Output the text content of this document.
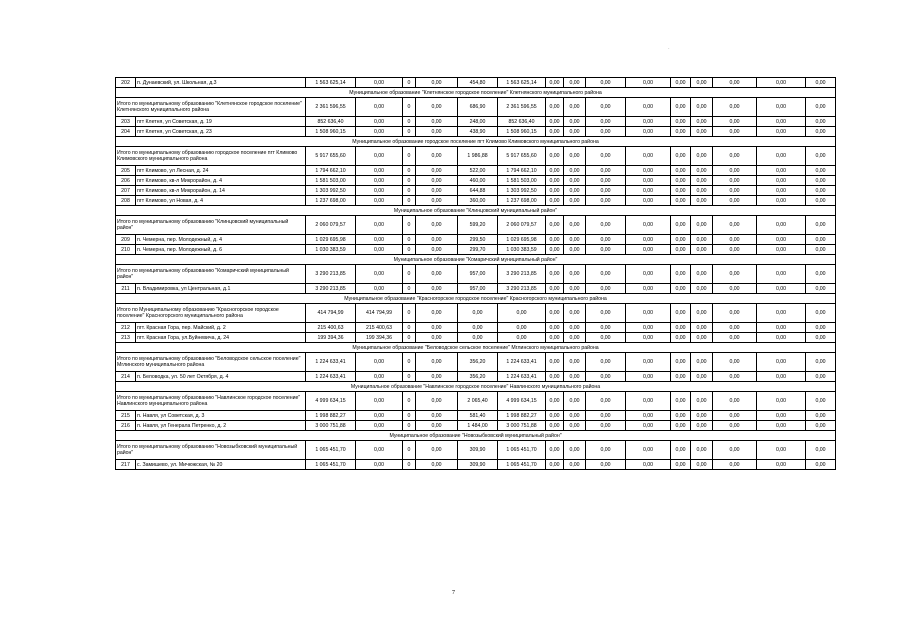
·
202	п. Дунаевский, ул. Школьная, д.3	1 563 625,14	0,00	0	0,00	454,80	1 563 625,14	0,00	0,00	0,00	0,00	0,00	0,00	0,00	0,00	0,00
Муниципальное образование "Клетнянское городское поселение" Клетнянского муниципального района																
Итого по муниципальному образованию "Клетнянское городское поселение" Клетнянского муниципального района		2 361 596,55	0,00	0	0,00	686,90	2 361 596,55	0,00	0,00	0,00	0,00	0,00	0,00	0,00	0,00	0,00
203	пгт Клетня, ул Советская, д. 19	852 636,40	0,00	0	0,00	248,00	852 636,40	0,00	0,00	0,00	0,00	0,00	0,00	0,00	0,00	0,00
204	пгт Клетня, ул Советская, д. 23	1 508 960,15	0,00	0	0,00	438,90	1 508 960,15	0,00	0,00	0,00	0,00	0,00	0,00	0,00	0,00	0,00
Муниципальное образование городское поселение пгт Климово Климовского муниципального района																
Итого по муниципальному образованию городское поселение пгт Климово Климовского муниципального района		5 917 655,60	0,00	0	0,00	1 986,88	5 917 655,60	0,00	0,00	0,00	0,00	0,00	0,00	0,00	0,00	0,00
205	пгт Климово, ул Лесная, д. 24	1 794 662,10	0,00	0	0,00	522,00	1 794 662,10	0,00	0,00	0,00	0,00	0,00	0,00	0,00	0,00	0,00
206	пгт Климово, кв-л Микрорайон, д. 4	1 581 503,00	0,00	0	0,00	460,00	1 581 503,00	0,00	0,00	0,00	0,00	0,00	0,00	0,00	0,00	0,00
207	пгт Климово, кв-л Микрорайон, д. 14	1 303 992,50	0,00	0	0,00	644,88	1 303 992,50	0,00	0,00	0,00	0,00	0,00	0,00	0,00	0,00	0,00
208	пгт Климово, ул Новая, д. 4	1 237 698,00	0,00	0	0,00	360,00	1 237 698,00	0,00	0,00	0,00	0,00	0,00	0,00	0,00	0,00	0,00
Муниципальное образование "Клинцовский муниципальный район"																
Итого по муниципальному образованию "Клинцовский муниципальный район"		2 060 079,57	0,00	0	0,00	599,20	2 060 079,57	0,00	0,00	0,00	0,00	0,00	0,00	0,00	0,00	0,00
209	п. Чемерна, пер. Молодежный, д. 4	1 029 695,98	0,00	0	0,00	299,50	1 029 695,98	0,00	0,00	0,00	0,00	0,00	0,00	0,00	0,00	0,00
210	п. Чемерна, пер. Молодежный, д. 6	1 030 383,59	0,00	0	0,00	299,70	1 030 383,59	0,00	0,00	0,00	0,00	0,00	0,00	0,00	0,00	0,00
Муниципальное образование "Комаричский муниципальный район"																
Итого по муниципальному образованию "Комаричский муниципальный район"		3 290 213,85	0,00	0	0,00	957,00	3 290 213,85	0,00	0,00	0,00	0,00	0,00	0,00	0,00	0,00	0,00
211	п. Владимировка, ул Центральная, д.1	3 290 213,85	0,00	0	0,00	957,00	3 290 213,85	0,00	0,00	0,00	0,00	0,00	0,00	0,00	0,00	0,00
Муниципальное образование "Красногорское городское поселение" Красногорского муниципального района																
Итого по Муниципальному образованию "Красногорское городское поселение" Красногорского муниципального района		414 794,99	414 794,99	0	0,00	0,00	0,00	0,00	0,00	0,00	0,00	0,00	0,00	0,00	0,00	0,00
212	пгт. Красная Гора, пер. Майский, д. 2	215 400,63	215 400,63	0	0,00	0,00	0,00	0,00	0,00	0,00	0,00	0,00	0,00	0,00	0,00	0,00
213	пгт. Красная Гора, ул.Буйневича, д. 24	199 394,36	199 394,36	0	0,00	0,00	0,00	0,00	0,00	0,00	0,00	0,00	0,00	0,00	0,00	0,00
Муниципальное образование "Беловодское сельское поселение" Мглинского муниципального района																
Итого по муниципальному образованию "Беловодское сельское поселение" Мглинского муниципального района		1 224 633,41	0,00	0	0,00	356,20	1 224 633,41	0,00	0,00	0,00	0,00	0,00	0,00	0,00	0,00	0,00
214	п. Беловодка, ул. 50 лет Октября, д. 4	1 224 633,41	0,00	0	0,00	356,20	1 224 633,41	0,00	0,00	0,00	0,00	0,00	0,00	0,00	0,00	0,00
Муниципальное образование "Навлинское городское поселение" Навлинского муниципального района																
Итого по муниципальному образованию "Навлинское городское поселение" Навлинского муниципального района		4 999 634,15	0,00	0	0,00	2 065,40	4 999 634,15	0,00	0,00	0,00	0,00	0,00	0,00	0,00	0,00	0,00
215	п. Навля, ул Советская, д. 3	1 998 882,27	0,00	0	0,00	581,40	1 998 882,27	0,00	0,00	0,00	0,00	0,00	0,00	0,00	0,00	0,00
216	п. Навля, ул Генерала Петренко, д. 2	3 000 751,88	0,00	0	0,00	1 484,00	3 000 751,88	0,00	0,00	0,00	0,00	0,00	0,00	0,00	0,00	0,00
Муниципальное образование "Новозыбковский муниципальный район"																
Итого по муниципальному образованию "Новозыбковский муниципальный район"		1 065 451,70	0,00	0	0,00	309,90	1 065 451,70	0,00	0,00	0,00	0,00	0,00	0,00	0,00	0,00	0,00
217	с. Замишево, ул. Мичюжская, № 20	1 065 451,70	0,00	0	0,00	309,90	1 065 451,70	0,00	0,00	0,00	0,00	0,00	0,00	0,00	0,00	0,00
7
